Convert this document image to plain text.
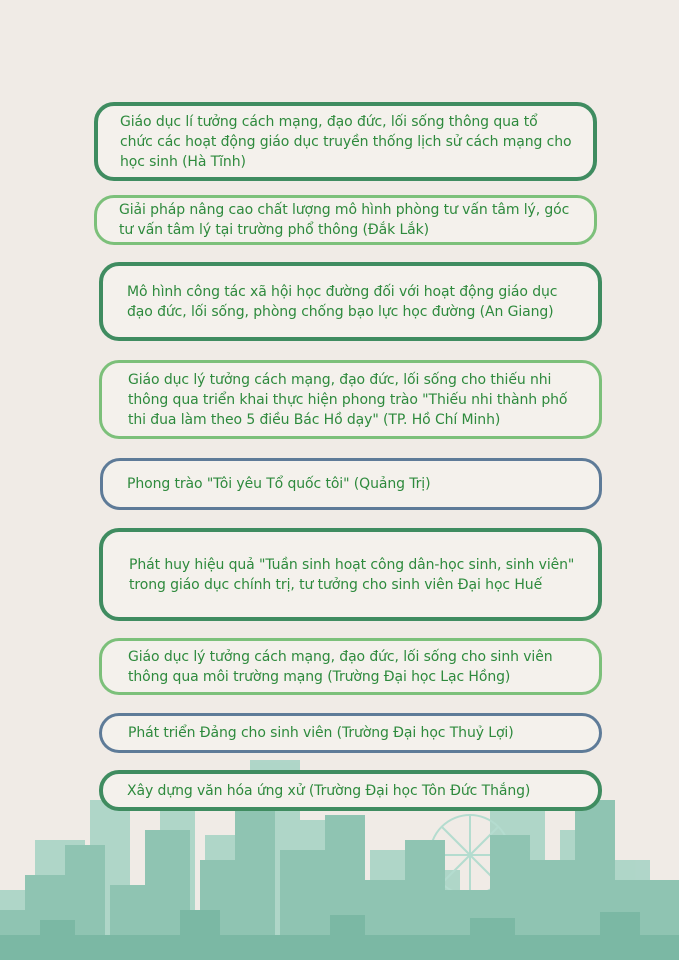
Giáo dục lí tưởng cách mạng, đạo đức, lối sống thông qua tổ chức các hoạt động giáo dục truyền thống lịch sử cách mạng cho học sinh (Hà Tĩnh)
Giải pháp nâng cao chất lượng mô hình phòng tư vấn tâm lý, góc tư vấn tâm lý tại trường phổ thông (Đắk Lắk)
Mô hình công tác xã hội học đường đối với hoạt động giáo dục đạo đức, lối sống, phòng chống bạo lực học đường (An Giang)
Giáo dục lý tưởng cách mạng, đạo đức, lối sống cho thiếu nhi thông qua triển khai thực hiện phong trào "Thiếu nhi thành phố thi đua làm theo 5 điều Bác Hồ dạy" (TP. Hồ Chí Minh)
Phong trào "Tôi yêu Tổ quốc tôi" (Quảng Trị)
Phát huy hiệu quả "Tuần sinh hoạt công dân-học sinh, sinh viên" trong giáo dục chính trị, tư tưởng cho sinh viên Đại học Huế
Giáo dục lý tưởng cách mạng, đạo đức, lối sống cho sinh viên thông qua môi trường mạng (Trường Đại học Lạc Hồng)
Phát triển Đảng cho sinh viên (Trường Đại học Thuỷ Lợi)
Xây dựng văn hóa ứng xử (Trường Đại học Tôn Đức Thắng)
